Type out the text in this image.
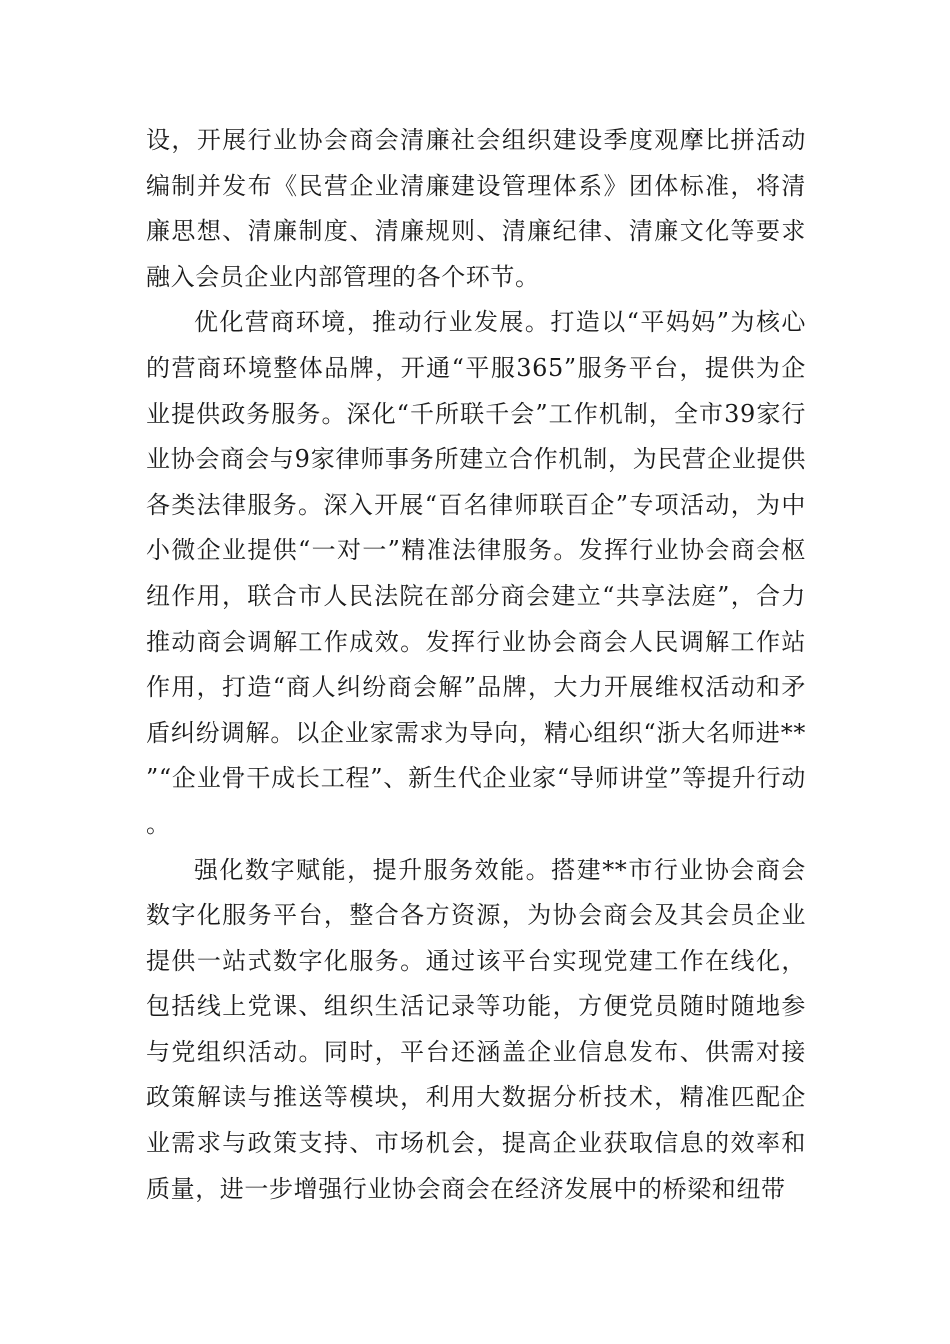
设，开展行业协会商会清廉社会组织建设季度观摩比拼活动编制并发布《民营企业清廉建设管理体系》团体标准，将清廉思想、清廉制度、清廉规则、清廉纪律、清廉文化等要求融入会员企业内部管理的各个环节。

优化营商环境，推动行业发展。打造以“平妈妈”为核心的营商环境整体品牌，开通“平服365”服务平台，提供为企业提供政务服务。深化“千所联千会”工作机制，全市39家行业协会商会与9家律师事务所建立合作机制，为民营企业提供各类法律服务。深入开展“百名律师联百企”专项活动，为中小微企业提供“一对一”精准法律服务。发挥行业协会商会枢纽作用，联合市人民法院在部分商会建立“共享法庭”，合力推动商会调解工作成效。发挥行业协会商会人民调解工作站作用，打造“商人纠纷商会解”品牌，大力开展维权活动和矛盾纠纷调解。以企业家需求为导向，精心组织“浙大名师进**”“企业骨干成长工程”、新生代企业家“导师讲堂”等提升行动。

强化数字赋能，提升服务效能。搭建**市行业协会商会数字化服务平台，整合各方资源，为协会商会及其会员企业提供一站式数字化服务。通过该平台实现党建工作在线化，包括线上党课、组织生活记录等功能，方便党员随时随地参与党组织活动。同时，平台还涵盖企业信息发布、供需对接政策解读与推送等模块，利用大数据分析技术，精准匹配企业需求与政策支持、市场机会，提高企业获取信息的效率和质量，进一步增强行业协会商会在经济发展中的桥梁和纽带
